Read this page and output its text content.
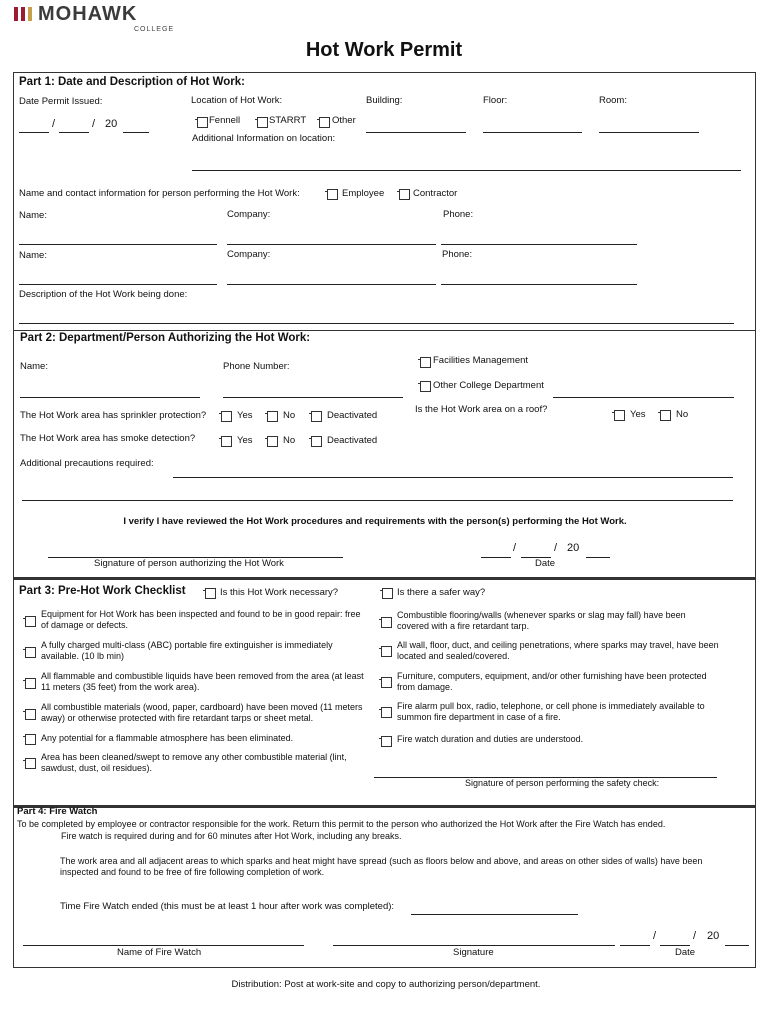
MOHAWK
COLLEGE
Hot Work Permit
Part 1: Date and Description of Hot Work:
Date Permit Issued:
/	/ 20
Location of Hot Work:
Fennell	STARRT	Other
Building:	Floor:	Room:
Additional Information on location:
Name and contact information for person performing the Hot Work:	Employee	Contractor
Name:	Company:	Phone:
Name:	Company:	Phone:
Description of the Hot Work being done:
Part 2: Department/Person Authorizing the Hot Work:
Name:	Phone Number:
Facilities Management
Other College Department
The Hot Work area has sprinkler protection?	Yes	No	Deactivated
Is the Hot Work area on a roof?	Yes	No
The Hot Work area has smoke detection?	Yes	No	Deactivated
Additional precautions required:
I verify I have reviewed the Hot Work procedures and requirements with the person(s) performing the Hot Work.
Signature of person authorizing the Hot Work
/	/ 20
Date
Part 3: Pre-Hot Work Checklist	Is this Hot Work necessary?	Is there a safer way?
Equipment for Hot Work has been inspected and found to be in good repair: free of damage or defects.
A fully charged multi-class (ABC) portable fire extinguisher is immediately available. (10 lb min)
All flammable and combustible liquids have been removed from the area (at least 11 meters (35 feet) from the work area).
All combustible materials (wood, paper, cardboard) have been moved (11 meters away) or otherwise protected with fire retardant tarps or sheet metal.
Any potential for a flammable atmosphere has been eliminated.
Area has been cleaned/swept to remove any other combustible material (lint, sawdust, dust, oil residues).
Combustible flooring/walls (whenever sparks or slag may fall) have been covered with a fire retardant tarp.
All wall, floor, duct, and ceiling penetrations, where sparks may travel, have been located and sealed/covered.
Furniture, computers, equipment, and/or other furnishing have been protected from damage.
Fire alarm pull box, radio, telephone, or cell phone is immediately available to summon fire department in case of a fire.
Fire watch duration and duties are understood.
Signature of person performing the safety check:
Part 4: Fire Watch
To be completed by employee or contractor responsible for the work. Return this permit to the person who authorized the Hot Work after the Fire Watch has ended.
Fire watch is required during and for 60 minutes after Hot Work, including any breaks.
The work area and all adjacent areas to which sparks and heat might have spread (such as floors below and above, and areas on other sides of walls) have been inspected and found to be free of fire following completion of work.
Time Fire Watch ended (this must be at least 1 hour after work was completed):
Name of Fire Watch	Signature
/	/ 20
Date
Distribution: Post at work-site and copy to authorizing person/department.
